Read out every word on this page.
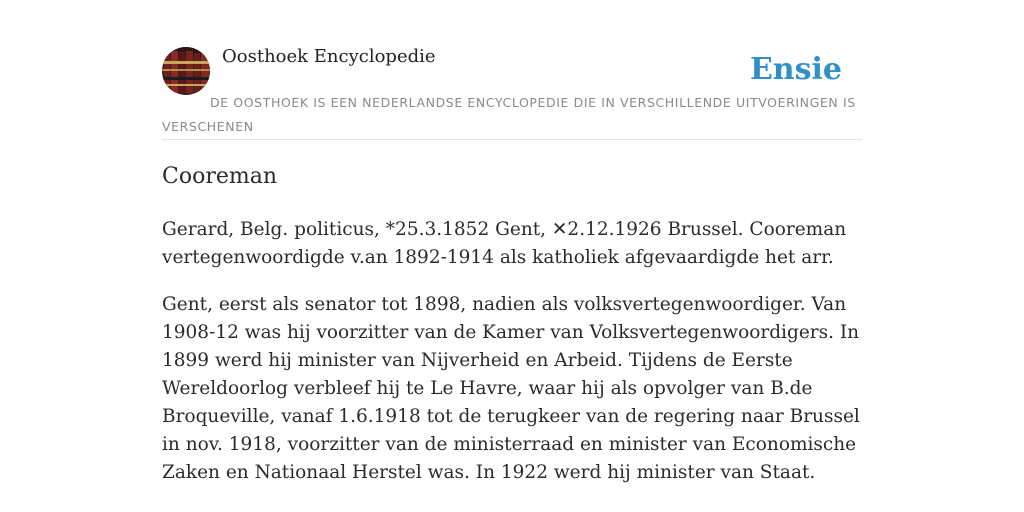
Oosthoek Encyclopedie	Ensie
DE OOSTHOEK IS EEN NEDERLANDSE ENCYCLOPEDIE DIE IN VERSCHILLENDE UITVOERINGEN IS VERSCHENEN
Cooreman

Gerard, Belg. politicus, *25.3.1852 Gent, ✕2.12.1926 Brussel. Cooreman vertegenwoordigde v.an 1892-1914 als katholiek afgevaardigde het arr.

Gent, eerst als senator tot 1898, nadien als volksvertegenwoordiger. Van 1908-12 was hij voorzitter van de Kamer van Volksvertegenwoordigers. In 1899 werd hij minister van Nijverheid en Arbeid. Tijdens de Eerste Wereldoorlog verbleef hij te Le Havre, waar hij als opvolger van B.de Broqueville, vanaf 1.6.1918 tot de terugkeer van de regering naar Brussel in nov. 1918, voorzitter van de ministerraad en minister van Economische Zaken en Nationaal Herstel was. In 1922 werd hij minister van Staat.
